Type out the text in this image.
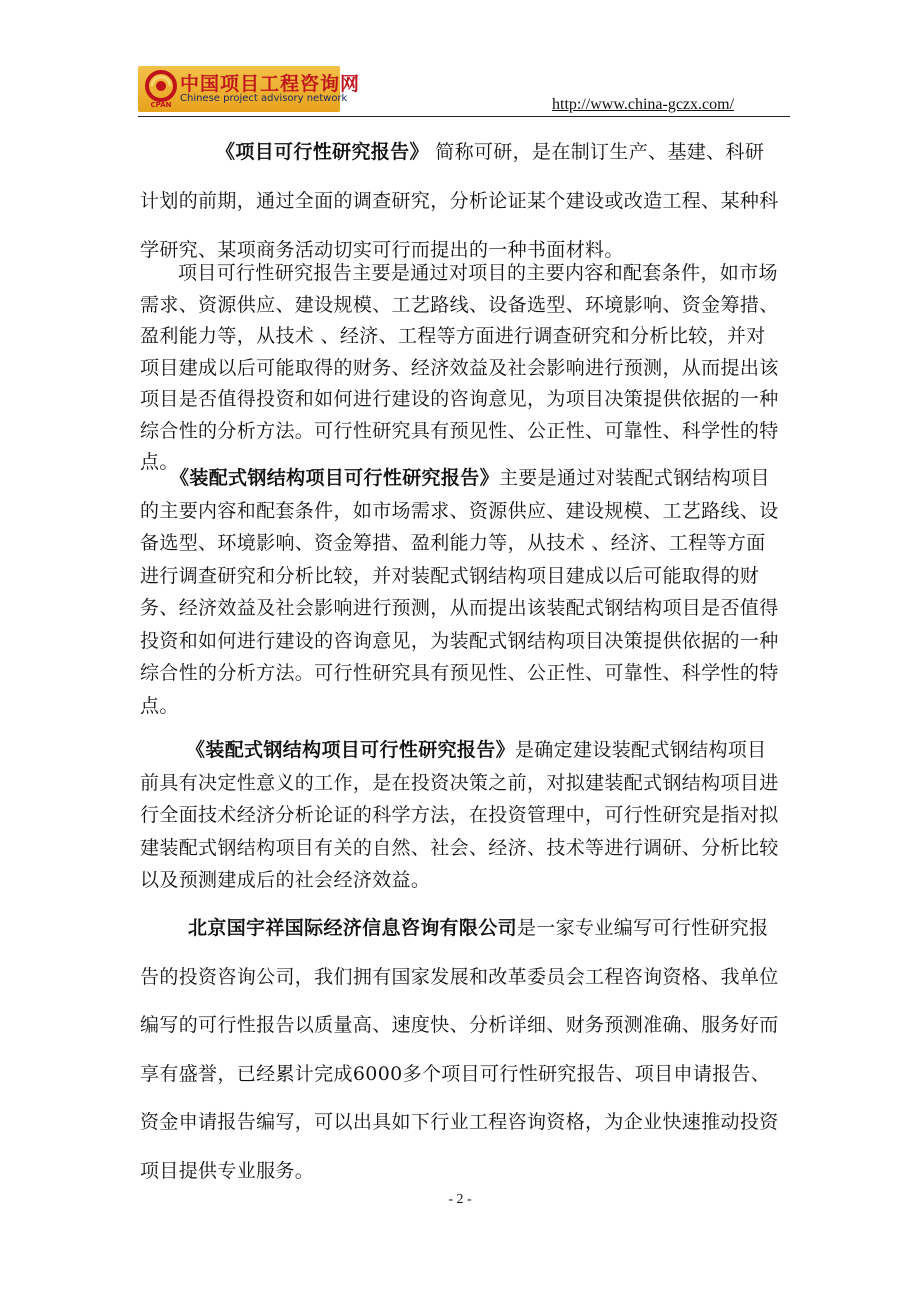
CPAN
中国项目工程咨询网
Chinese project advisory network	http://www.china-gczx.com/

《项目可行性研究报告》 简称可研，是在制订生产、基建、科研计划的前期，通过全面的调查研究，分析论证某个建设或改造工程、某种科学研究、某项商务活动切实可行而提出的一种书面材料。

项目可行性研究报告主要是通过对项目的主要内容和配套条件，如市场需求、资源供应、建设规模、工艺路线、设备选型、环境影响、资金筹措、盈利能力等，从技术 、经济、工程等方面进行调查研究和分析比较，并对项目建成以后可能取得的财务、经济效益及社会影响进行预测，从而提出该项目是否值得投资和如何进行建设的咨询意见，为项目决策提供依据的一种综合性的分析方法。可行性研究具有预见性、公正性、可靠性、科学性的特点。

《装配式钢结构项目可行性研究报告》主要是通过对装配式钢结构项目的主要内容和配套条件，如市场需求、资源供应、建设规模、工艺路线、设备选型、环境影响、资金筹措、盈利能力等，从技术 、经济、工程等方面进行调查研究和分析比较，并对装配式钢结构项目建成以后可能取得的财务、经济效益及社会影响进行预测，从而提出该装配式钢结构项目是否值得投资和如何进行建设的咨询意见，为装配式钢结构项目决策提供依据的一种综合性的分析方法。可行性研究具有预见性、公正性、可靠性、科学性的特点。

《装配式钢结构项目可行性研究报告》是确定建设装配式钢结构项目前具有决定性意义的工作，是在投资决策之前，对拟建装配式钢结构项目进行全面技术经济分析论证的科学方法，在投资管理中，可行性研究是指对拟建装配式钢结构项目有关的自然、社会、经济、技术等进行调研、分析比较以及预测建成后的社会经济效益。

北京国宇祥国际经济信息咨询有限公司是一家专业编写可行性研究报告的投资咨询公司，我们拥有国家发展和改革委员会工程咨询资格、我单位编写的可行性报告以质量高、速度快、分析详细、财务预测准确、服务好而享有盛誉，已经累计完成6000多个项目可行性研究报告、项目申请报告、资金申请报告编写，可以出具如下行业工程咨询资格，为企业快速推动投资项目提供专业服务。

- 2 -
